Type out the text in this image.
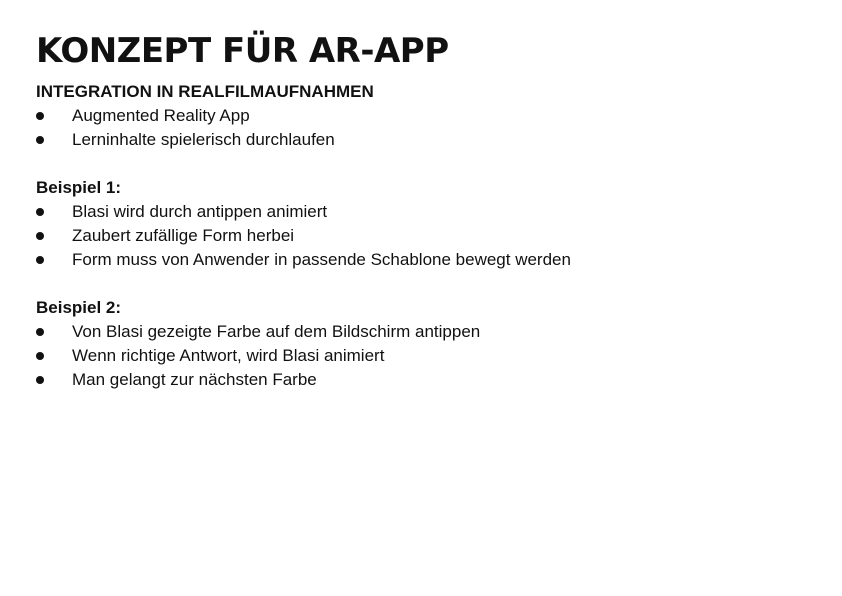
KONZEPT FÜR AR-APP
INTEGRATION IN REALFILMAUFNAHMEN
Augmented Reality App
Lerninhalte spielerisch durchlaufen
Beispiel 1:
Blasi wird durch antippen animiert
Zaubert zufällige Form herbei
Form muss von Anwender in passende Schablone bewegt werden
Beispiel 2:
Von Blasi gezeigte Farbe auf dem Bildschirm antippen
Wenn richtige Antwort, wird Blasi animiert
Man gelangt zur nächsten Farbe
